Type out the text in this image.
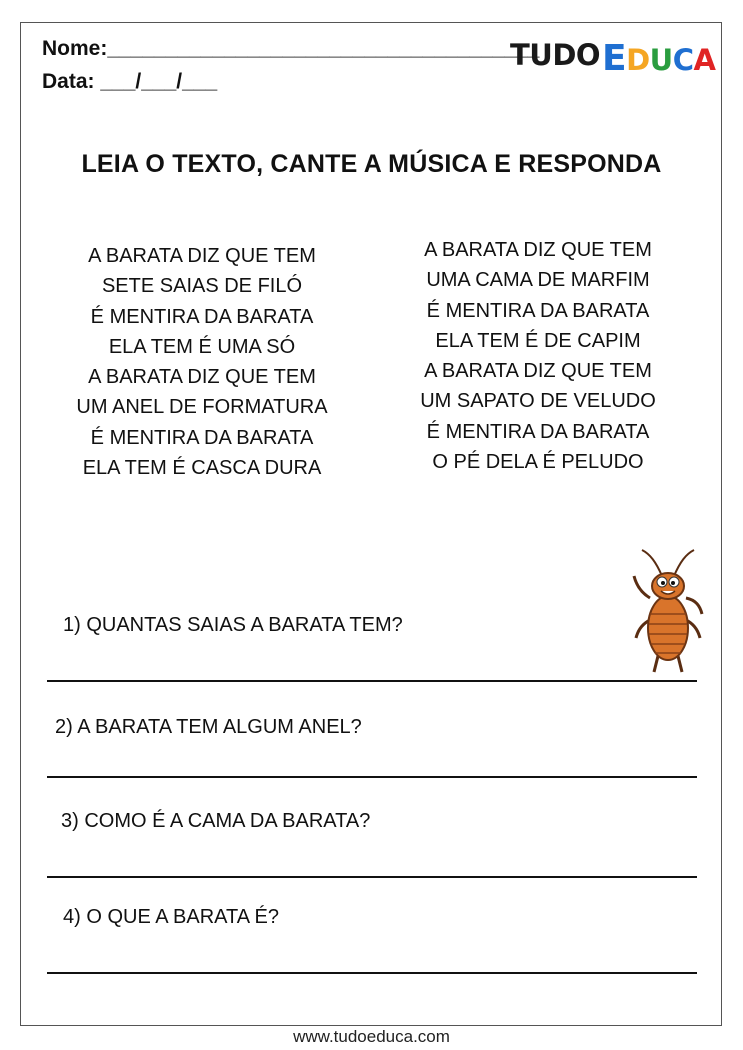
Nome:_____________________________________
Data: ___/___/___
TUDO EDUCA
LEIA O TEXTO, CANTE A MÚSICA E RESPONDA
A BARATA DIZ QUE TEM
SETE SAIAS DE FILÓ
É MENTIRA DA BARATA
ELA TEM É UMA SÓ
A BARATA DIZ QUE TEM
UM ANEL DE FORMATURA
É MENTIRA DA BARATA
ELA TEM É CASCA DURA
A BARATA DIZ QUE TEM
UMA CAMA DE MARFIM
É MENTIRA DA BARATA
ELA TEM É DE CAPIM
A BARATA DIZ QUE TEM
UM SAPATO DE VELUDO
É MENTIRA DA BARATA
O PÉ DELA É PELUDO
1) QUANTAS SAIAS A BARATA TEM?
2) A BARATA TEM ALGUM ANEL?
3) COMO É A CAMA DA BARATA?
4) O QUE A BARATA É?
www.tudoeduca.com
